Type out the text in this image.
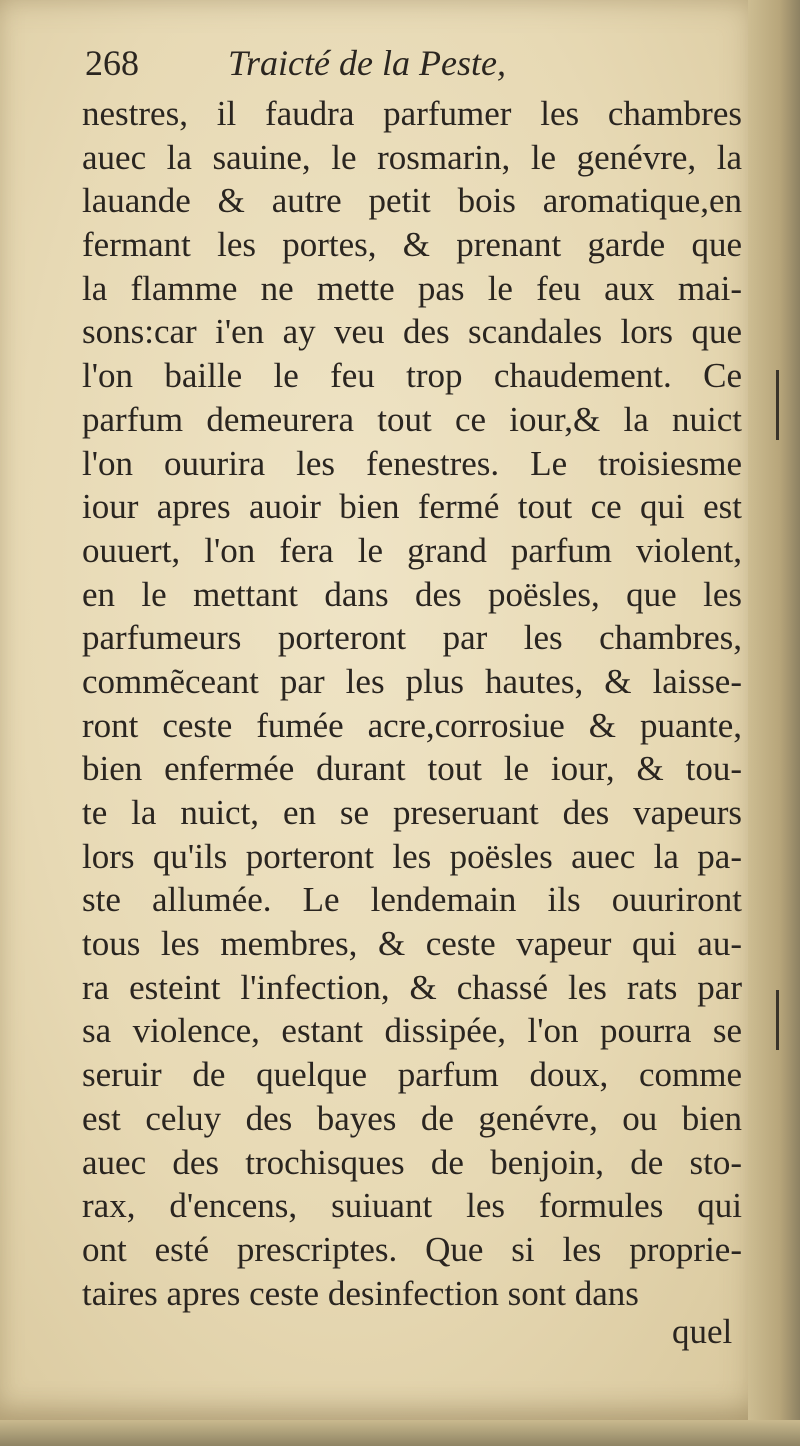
268 Traicté de la Peste,
nestres, il faudra parfumer les chambres
auec la sauine, le rosmarin, le genévre, la
lauande & autre petit bois aromatique,en
fermant les portes, & prenant garde que
la flamme ne mette pas le feu aux mai-
sons:car i'en ay veu des scandales lors que
l'on baille le feu trop chaudement. Ce
parfum demeurera tout ce iour,& la nuict
l'on ouurira les fenestres. Le troisiesme
iour apres auoir bien fermé tout ce qui est
ouuert, l'on fera le grand parfum violent,
en le mettant dans des poësles, que les
parfumeurs porteront par les chambres,
commẽceant par les plus hautes, & laisse-
ront ceste fumée acre,corrosiue & puante,
bien enfermée durant tout le iour, & tou-
te la nuict, en se preseruant des vapeurs
lors qu'ils porteront les poësles auec la pa-
ste allumée. Le lendemain ils ouuriront
tous les membres, & ceste vapeur qui au-
ra esteint l'infection, & chassé les rats par
sa violence, estant dissipée, l'on pourra se
seruir de quelque parfum doux, comme
est celuy des bayes de genévre, ou bien
auec des trochisques de benjoin, de sto-
rax, d'encens, suiuant les formules qui
ont esté prescriptes. Que si les proprie-
taires apres ceste desinfection sont dans
quel
